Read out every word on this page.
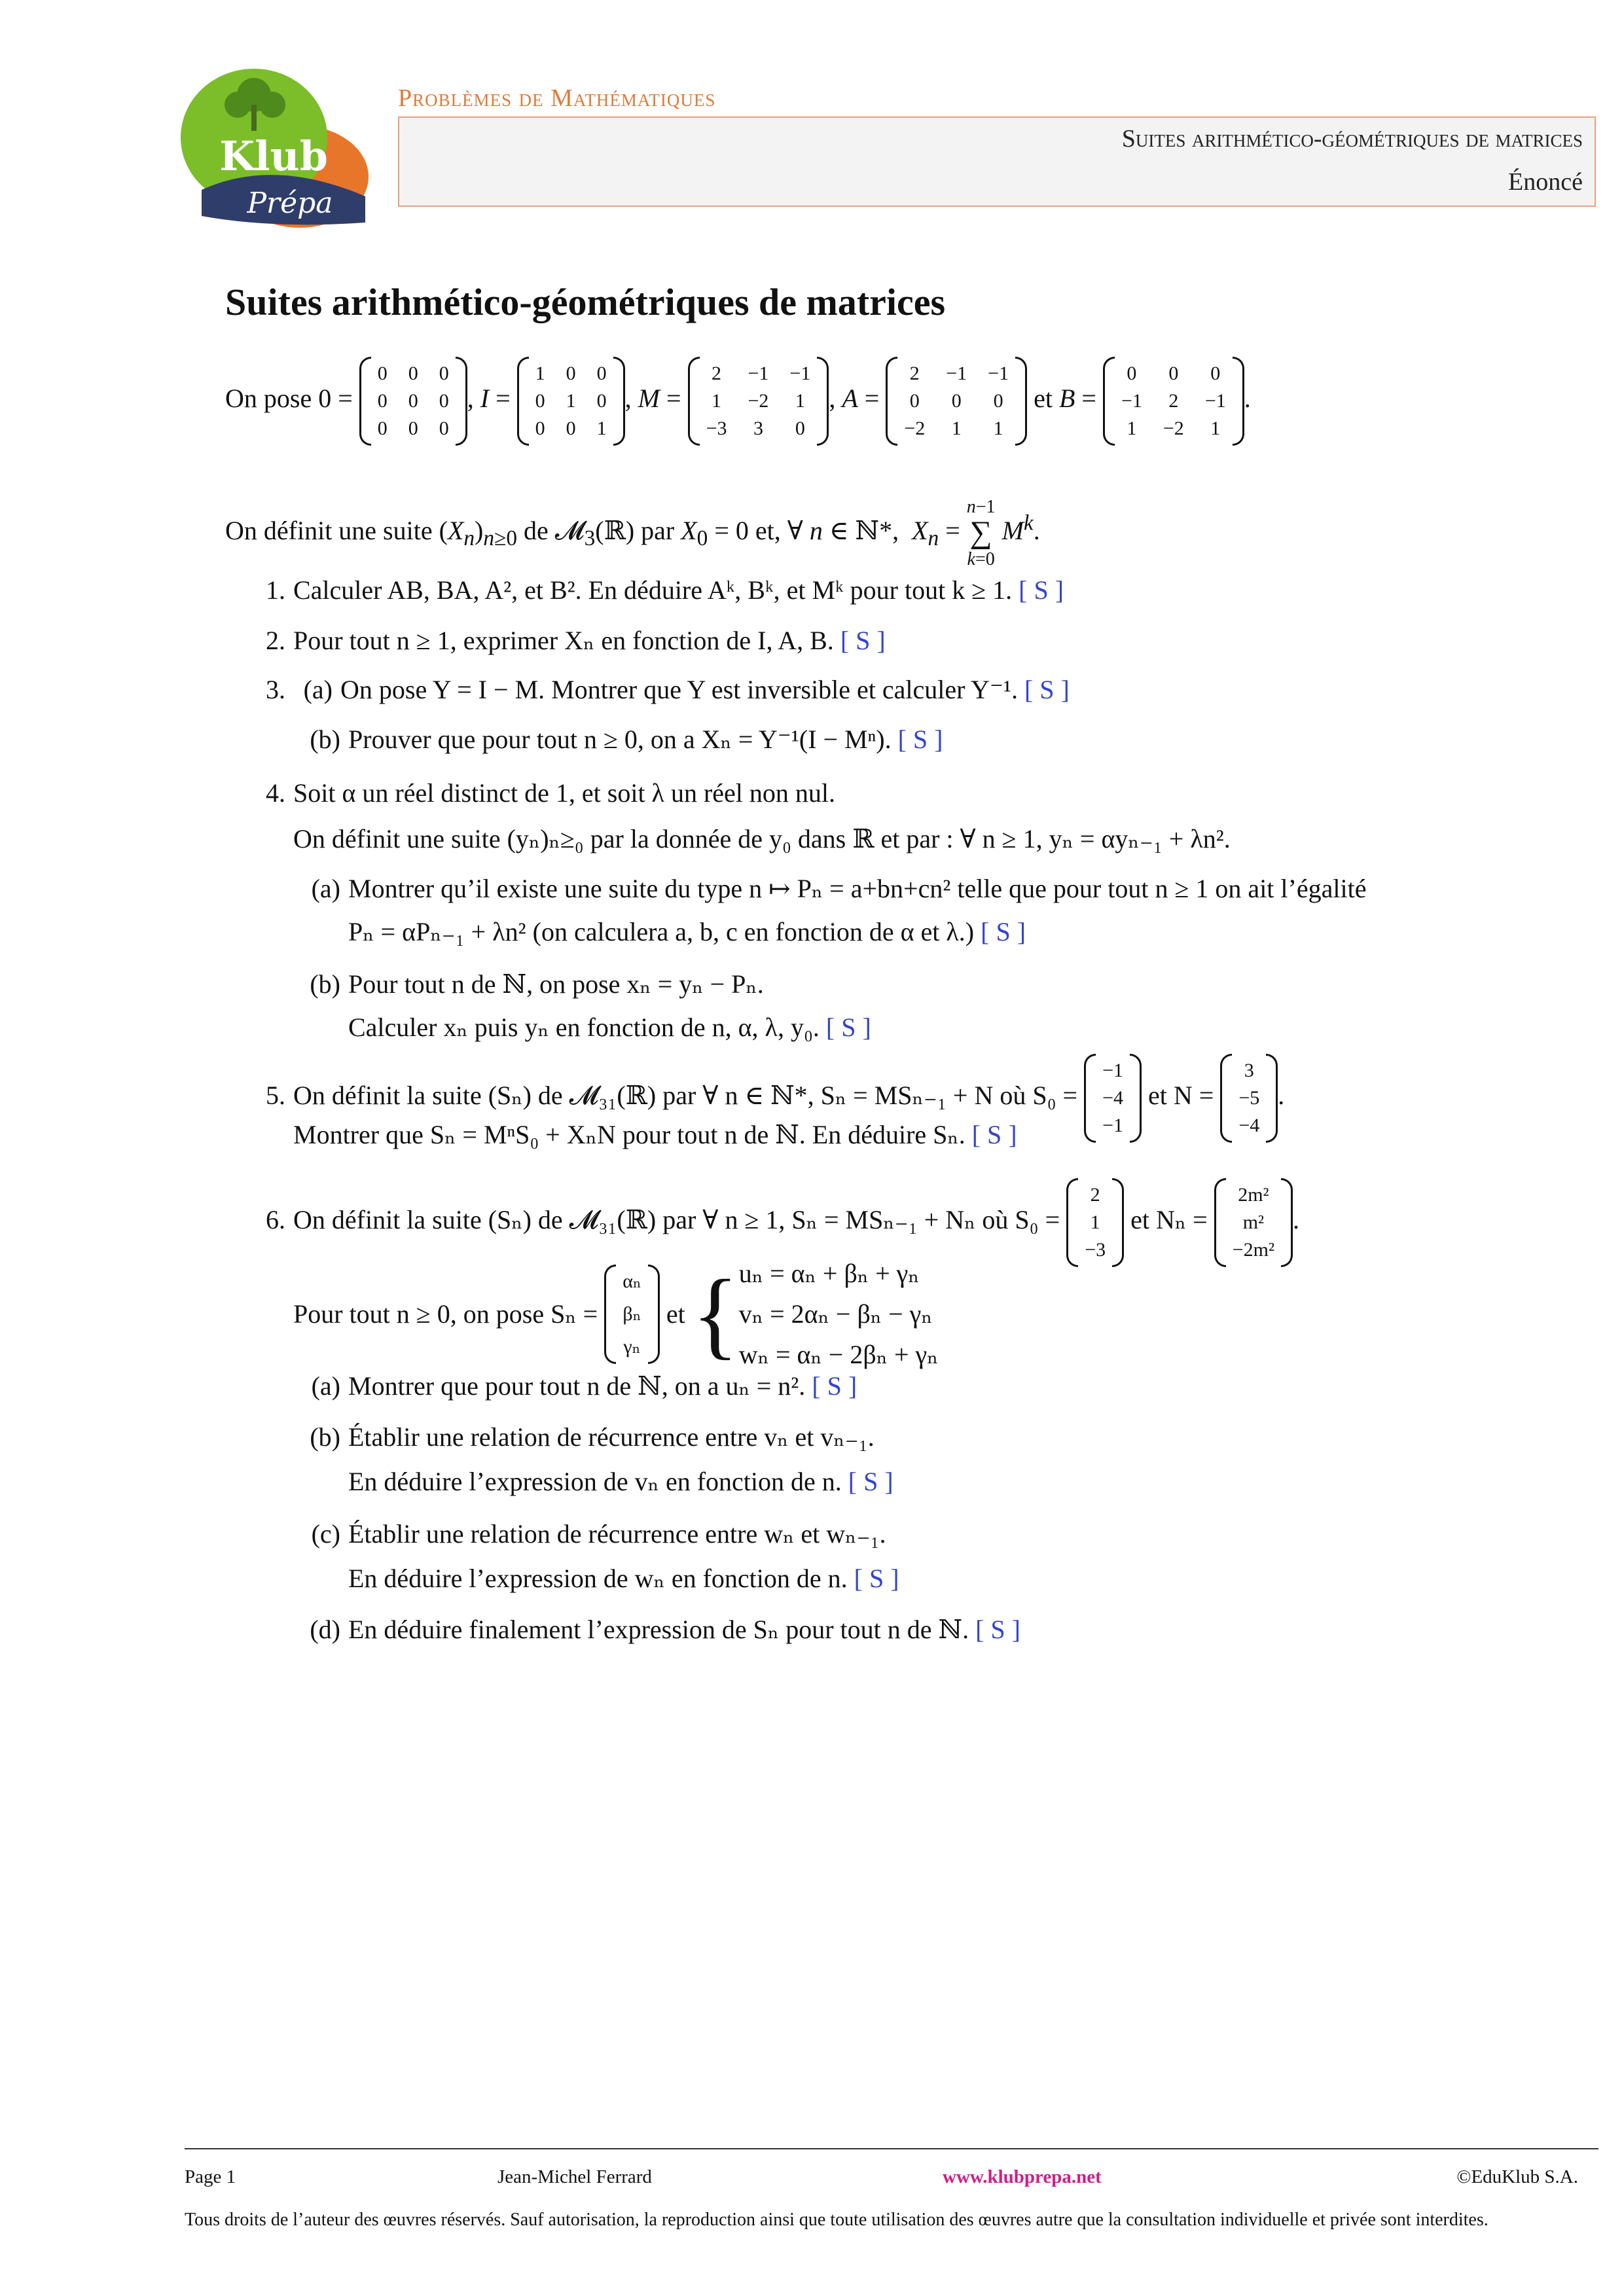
Klub
Prépa
Problèmes de Mathématiques
Suites arithmético-géométriques de matrices
Énoncé
Suites arithmético-géométriques de matrices
On pose 0 =
0 0 0
0 0 0
0 0 0
, I =
1 0 0
0 1 0
0 0 1
, M =
2 −1 −1
1 −2 1
−3 3 0
, A =
2 −1 −1
0 0 0
−2 1 1
et B =
0 0 0
−1 2 −1
1 −2 1
.
On définit une suite $(X_n)_{n\ge 0}$ de 𝓜$_3$(ℝ) par $X_0 = 0$ et, ∀ n ∈ ℕ*,  $X_n = n-1$
∑
k=0 $M^k$.
1. Calculer AB, BA, A², et B². En déduire Aᵏ, Bᵏ, et Mᵏ pour tout k ≥ 1. [ S ]
2. Pour tout n ≥ 1, exprimer Xₙ en fonction de I, A, B. [ S ]
3. (a) On pose Y = I − M. Montrer que Y est inversible et calculer Y⁻¹. [ S ]
(b) Prouver que pour tout n ≥ 0, on a Xₙ = Y⁻¹(I − Mⁿ). [ S ]
4. Soit α un réel distinct de 1, et soit λ un réel non nul.
On définit une suite (yₙ)ₙ≥₀ par la donnée de y₀ dans ℝ et par : ∀ n ≥ 1, yₙ = αyₙ₋₁ + λn².
(a) Montrer qu’il existe une suite du type n ↦ Pₙ = a+bn+cn² telle que pour tout n ≥ 1 on ait l’égalité
Pₙ = αPₙ₋₁ + λn² (on calculera a, b, c en fonction de α et λ.) [ S ]
(b) Pour tout n de ℕ, on pose xₙ = yₙ − Pₙ.
Calculer xₙ puis yₙ en fonction de n, α, λ, y₀. [ S ]
5. On définit la suite (Sₙ) de 𝓜₃₁(ℝ) par ∀ n ∈ ℕ*, Sₙ = MSₙ₋₁ + N où S₀ =
−1
−4
−1
et N =
3
−5
−4
.
Montrer que Sₙ = MⁿS₀ + XₙN pour tout n de ℕ. En déduire Sₙ. [ S ]
6. On définit la suite (Sₙ) de 𝓜₃₁(ℝ) par ∀ n ≥ 1, Sₙ = MSₙ₋₁ + Nₙ où S₀ =
2
1
−3
et Nₙ =
2m²
m²
−2m²
.
Pour tout n ≥ 0, on pose Sₙ =

αₙ
βₙ
γₙ

et
{ uₙ = αₙ + βₙ + γₙ
vₙ = 2αₙ − βₙ − γₙ
wₙ = αₙ − 2βₙ + γₙ
(a) Montrer que pour tout n de ℕ, on a uₙ = n². [ S ]
(b) Établir une relation de récurrence entre vₙ et vₙ₋₁.
En déduire l’expression de vₙ en fonction de n. [ S ]
(c) Établir une relation de récurrence entre wₙ et wₙ₋₁.
En déduire l’expression de wₙ en fonction de n. [ S ]
(d) En déduire finalement l’expression de Sₙ pour tout n de ℕ. [ S ]
Page 1	Jean-Michel Ferrard	www.klubprepa.net	©EduKlub S.A.
Tous droits de l’auteur des œuvres réservés. Sauf autorisation, la reproduction ainsi que toute utilisation des œuvres autre que la consultation individuelle et privée sont interdites.
